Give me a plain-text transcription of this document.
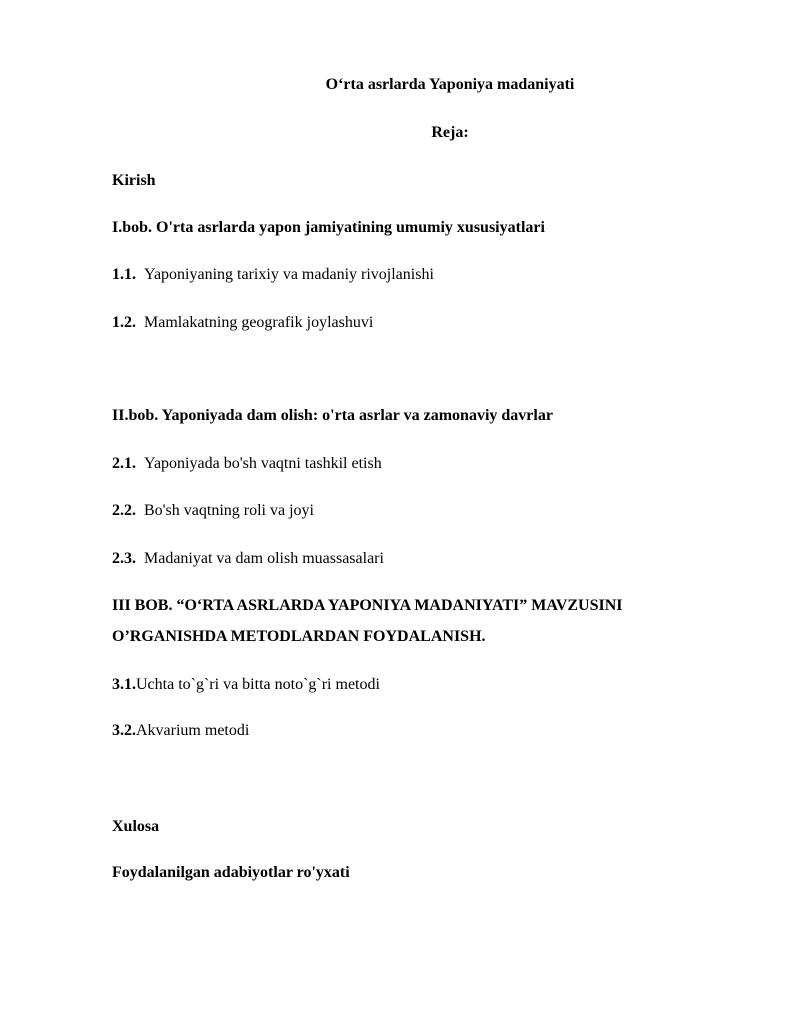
O‘rta asrlarda Yaponiya madaniyati
Reja:
Kirish
I.bob. O'rta asrlarda yapon jamiyatining umumiy xususiyatlari
1.1. Yaponiyaning tarixiy va madaniy rivojlanishi
1.2. Mamlakatning geografik joylashuvi
II.bob. Yaponiyada dam olish: o'rta asrlar va zamonaviy davrlar
2.1. Yaponiyada bo'sh vaqtni tashkil etish
2.2. Bo'sh vaqtning roli va joyi
2.3. Madaniyat va dam olish muassasalari
III BOB. “O‘RTA ASRLARDA YAPONIYA MADANIYATI” MAVZUSINI
O’RGANISHDA METODLARDAN FOYDALANISH.
3.1.Uchta to`g`ri va bitta noto`g`ri metodi
3.2.Akvarium metodi
Xulosa
Foydalanilgan adabiyotlar ro'yxati
